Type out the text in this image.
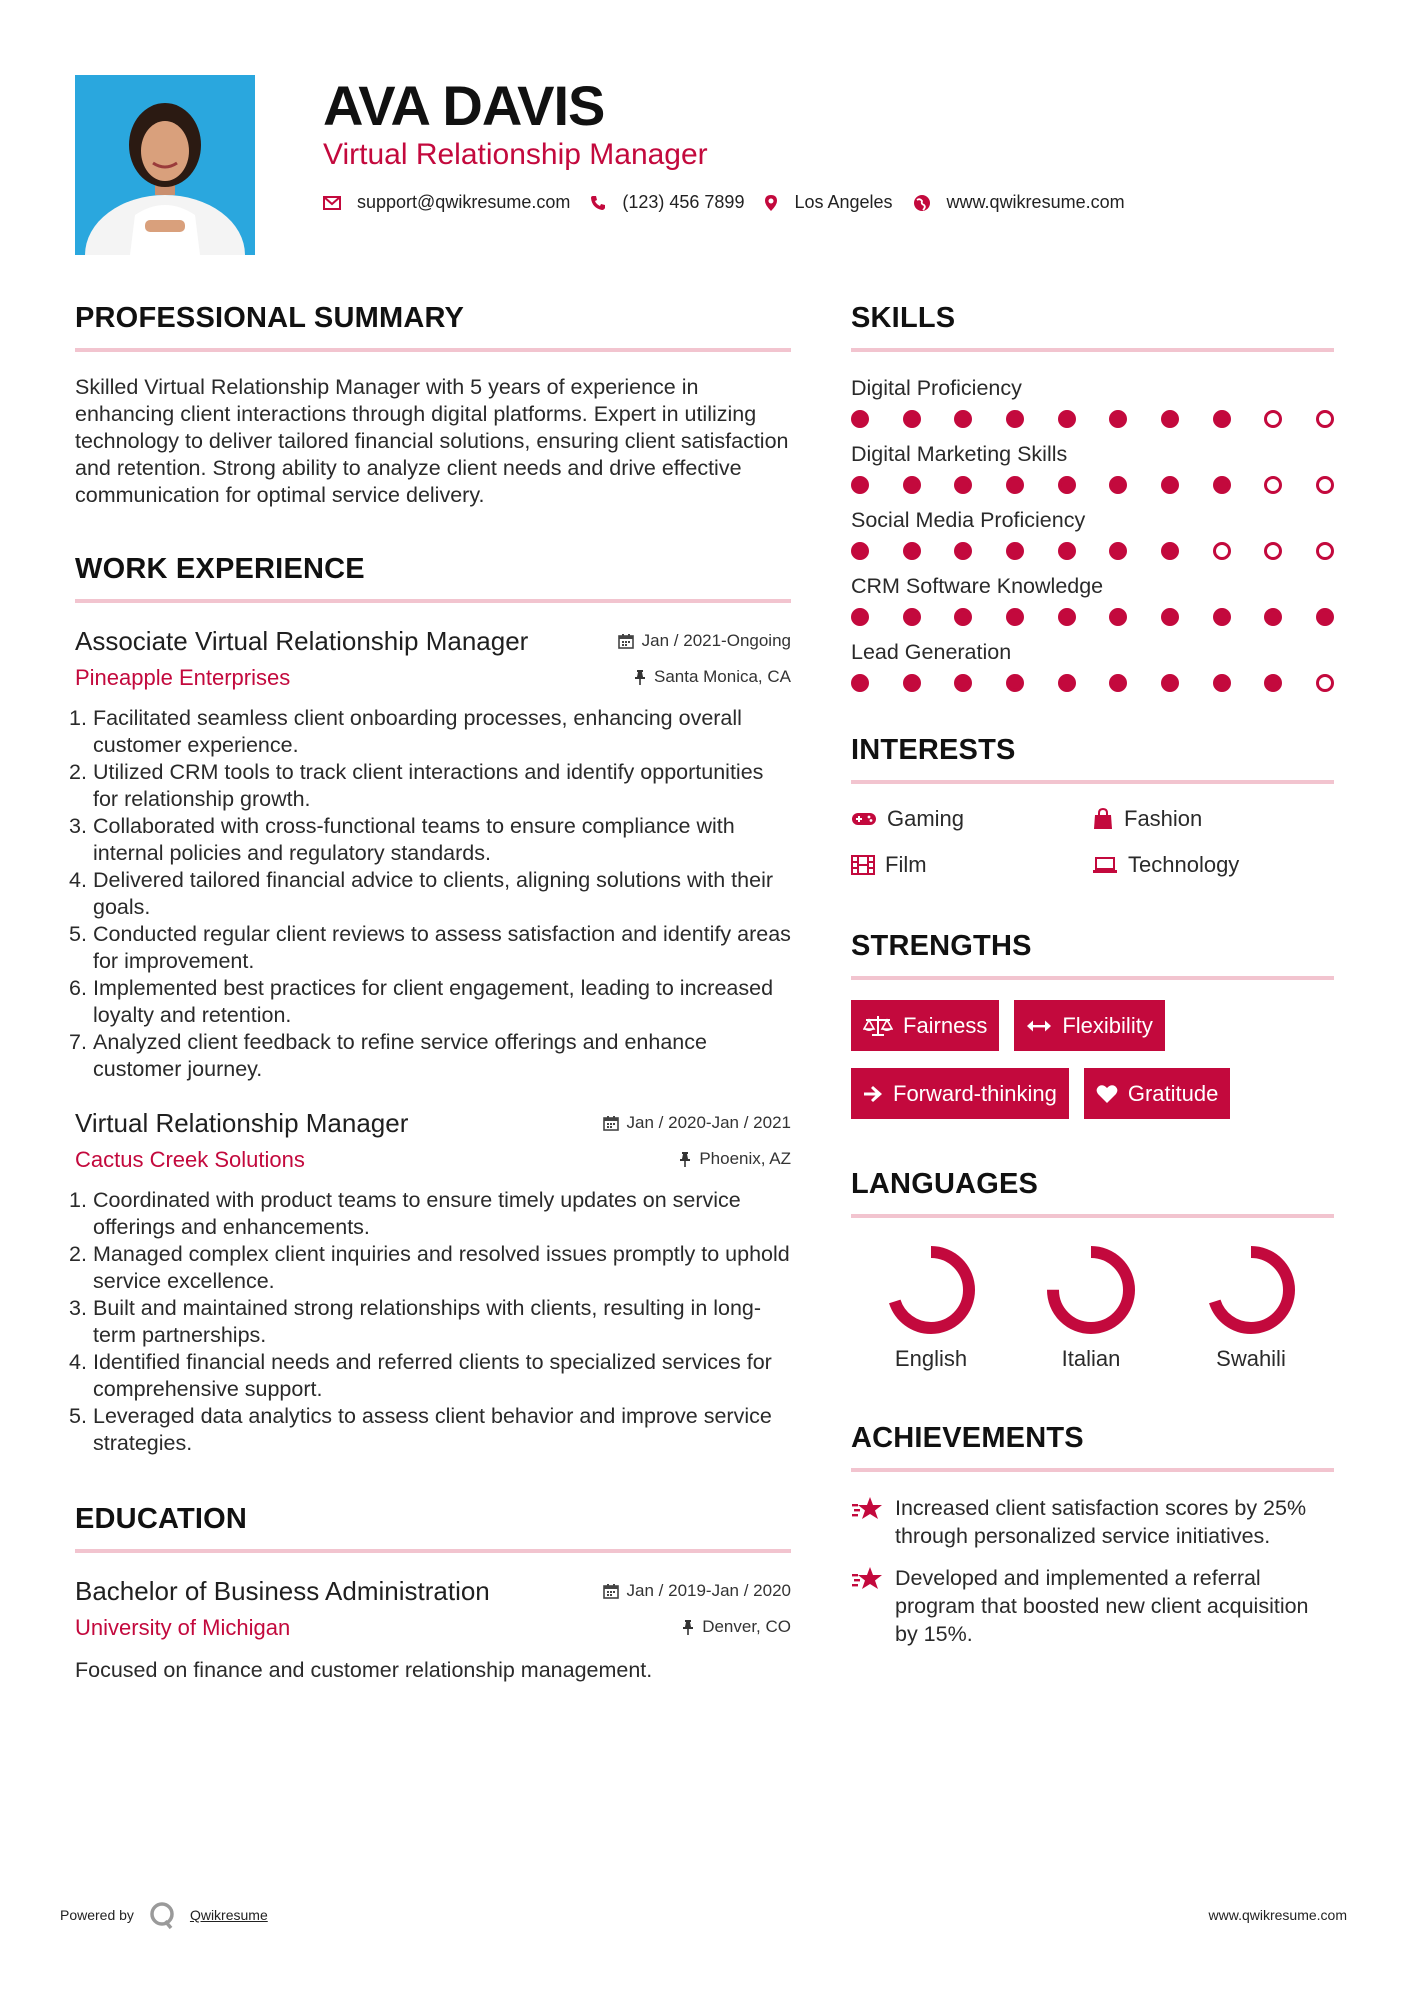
AVA DAVIS
Virtual Relationship Manager
support@qwikresume.com	(123) 456 7899	Los Angeles	www.qwikresume.com
PROFESSIONAL SUMMARY
Skilled Virtual Relationship Manager with 5 years of experience in enhancing client interactions through digital platforms. Expert in utilizing technology to deliver tailored financial solutions, ensuring client satisfaction and retention. Strong ability to analyze client needs and drive effective communication for optimal service delivery.
WORK EXPERIENCE
Associate Virtual Relationship Manager	Jan / 2021-Ongoing
Pineapple Enterprises	Santa Monica, CA
1. Facilitated seamless client onboarding processes, enhancing overall customer experience.
2. Utilized CRM tools to track client interactions and identify opportunities for relationship growth.
3. Collaborated with cross-functional teams to ensure compliance with internal policies and regulatory standards.
4. Delivered tailored financial advice to clients, aligning solutions with their goals.
5. Conducted regular client reviews to assess satisfaction and identify areas for improvement.
6. Implemented best practices for client engagement, leading to increased loyalty and retention.
7. Analyzed client feedback to refine service offerings and enhance customer journey.
Virtual Relationship Manager	Jan / 2020-Jan / 2021
Cactus Creek Solutions	Phoenix, AZ
1. Coordinated with product teams to ensure timely updates on service offerings and enhancements.
2. Managed complex client inquiries and resolved issues promptly to uphold service excellence.
3. Built and maintained strong relationships with clients, resulting in long-term partnerships.
4. Identified financial needs and referred clients to specialized services for comprehensive support.
5. Leveraged data analytics to assess client behavior and improve service strategies.
EDUCATION
Bachelor of Business Administration	Jan / 2019-Jan / 2020
University of Michigan	Denver, CO
Focused on finance and customer relationship management.
SKILLS
Digital Proficiency
Digital Marketing Skills
Social Media Proficiency
CRM Software Knowledge
Lead Generation
INTERESTS
Gaming	Fashion
Film	Technology
STRENGTHS
Fairness	Flexibility
Forward-thinking	Gratitude
LANGUAGES
English	Italian	Swahili
ACHIEVEMENTS
Increased client satisfaction scores by 25% through personalized service initiatives.
Developed and implemented a referral program that boosted new client acquisition by 15%.
Powered by	Qwikresume	www.qwikresume.com
